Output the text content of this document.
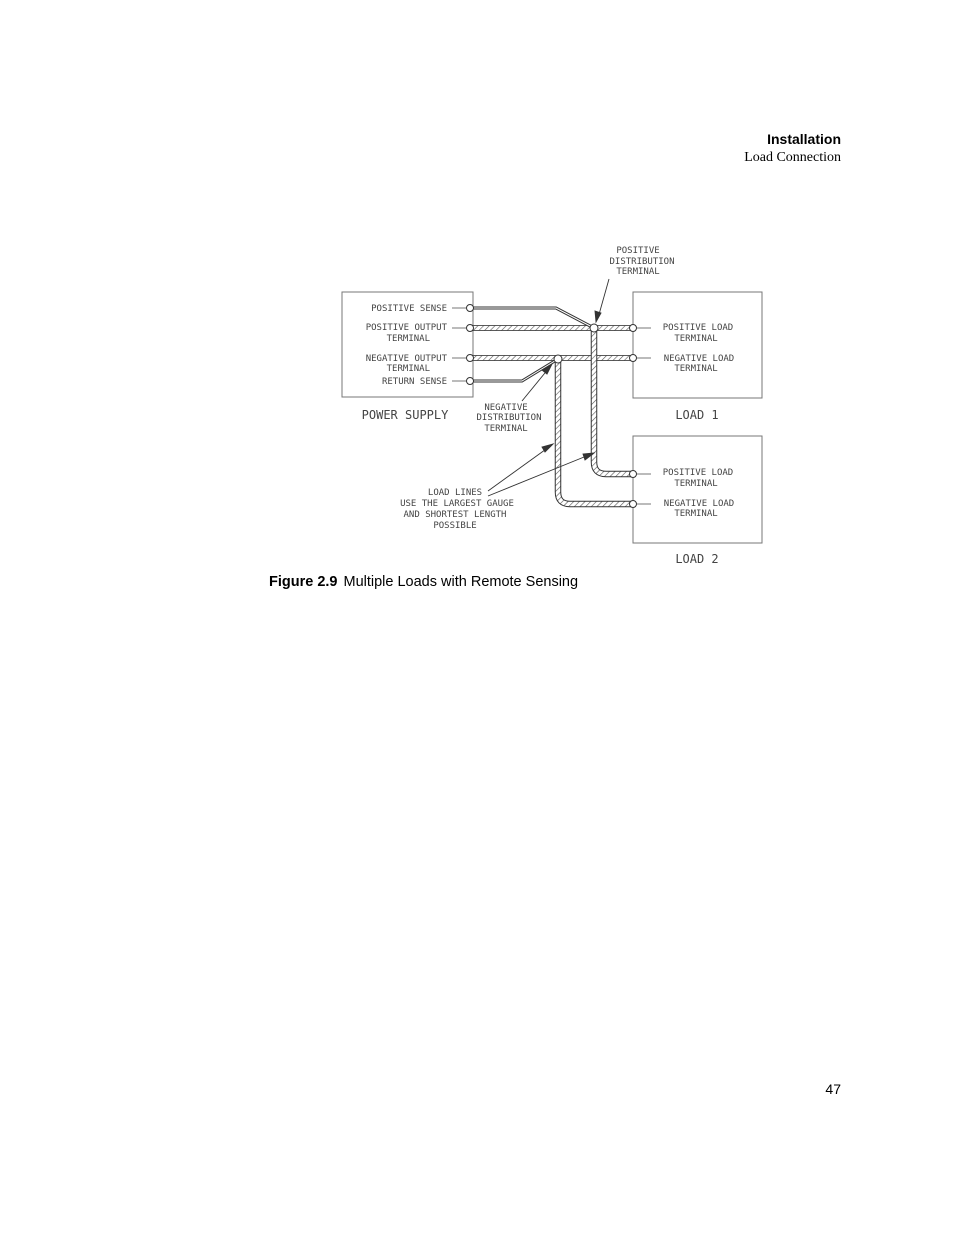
Installation
Load Connection
POSITIVE SENSE
POSITIVE OUTPUT
TERMINAL
NEGATIVE OUTPUT
TERMINAL
RETURN SENSE
POWER SUPPLY
POSITIVE LOAD
TERMINAL
NEGATIVE LOAD
TERMINAL
LOAD 1
POSITIVE LOAD
TERMINAL
NEGATIVE LOAD
TERMINAL
LOAD 2
POSITIVE
DISTRIBUTION
TERMINAL
NEGATIVE
DISTRIBUTION
TERMINAL
LOAD LINES
USE THE LARGEST GAUGE
AND SHORTEST LENGTH
POSSIBLE
Figure 2.9 Multiple Loads with Remote Sensing
47
